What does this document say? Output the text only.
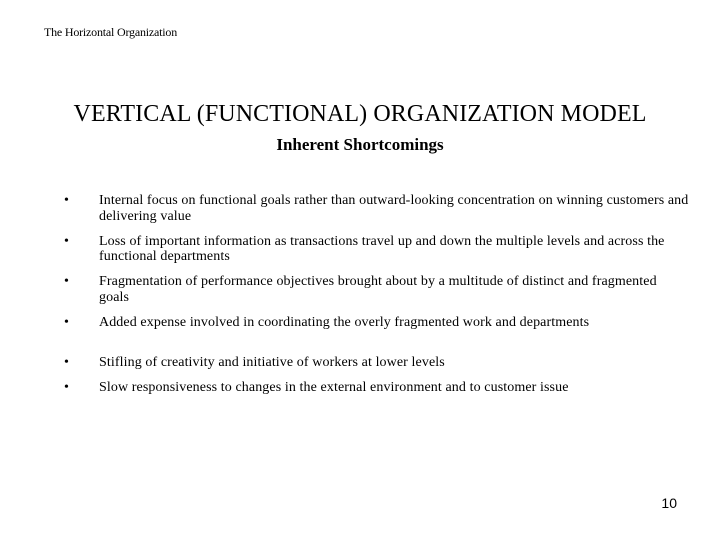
The Horizontal Organization
VERTICAL (FUNCTIONAL) ORGANIZATION MODEL
Inherent Shortcomings
• Internal focus on functional goals rather than outward-looking concentration on winning customers and delivering value
• Loss of important information as transactions travel up and down the multiple levels and across the functional departments
• Fragmentation of performance objectives brought about by a multitude of distinct and fragmented goals
• Added expense involved in coordinating the overly fragmented work and departments
• Stifling of creativity and initiative of workers at lower levels
• Slow responsiveness to changes in the external environment and to customer issue
10
